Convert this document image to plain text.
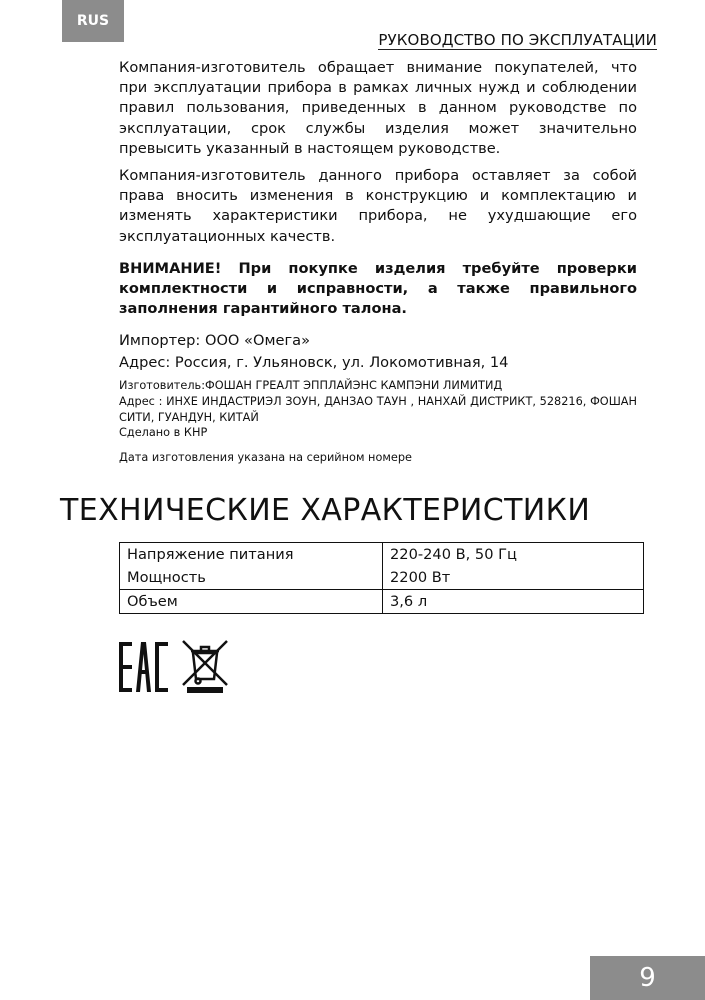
RUS
РУКОВОДСТВО ПО ЭКСПЛУАТАЦИИ

Компания-изготовитель обращает внимание покупателей, что при эксплуатации прибора в рамках личных нужд и соблюдении правил пользования, приведенных в данном руководстве по эксплуатации, срок службы изделия может значительно превысить указанный в настоящем руководстве.

Компания-изготовитель данного прибора оставляет за собой права вносить изменения в конструкцию и комплектацию и изменять характеристики прибора, не ухудшающие его эксплуатационных качеств.

ВНИМАНИЕ! При покупке изделия требуйте проверки комплектности и исправности, а также правильного заполнения гарантийного талона.

Импортер: ООО «Омега»
Адрес: Россия, г. Ульяновск, ул. Локомотивная, 14
Изготовитель:ФОШАН ГРЕАЛТ ЭППЛАЙЭНС КАМПЭНИ ЛИМИТИД
Адрес : ИНХЕ ИНДАСТРИЭЛ ЗОУН, ДАНЗАО ТАУН , НАНХАЙ ДИСТРИКТ, 528216, ФОШАН СИТИ, ГУАНДУН, КИТАЙ
Сделано в КНР
Дата изготовления указана на серийном номере
ТЕХНИЧЕСКИЕ ХАРАКТЕРИСТИКИ
Напряжение питания	220-240 В, 50 Гц
Мощность	2200 Вт
Объем	3,6 л
9
